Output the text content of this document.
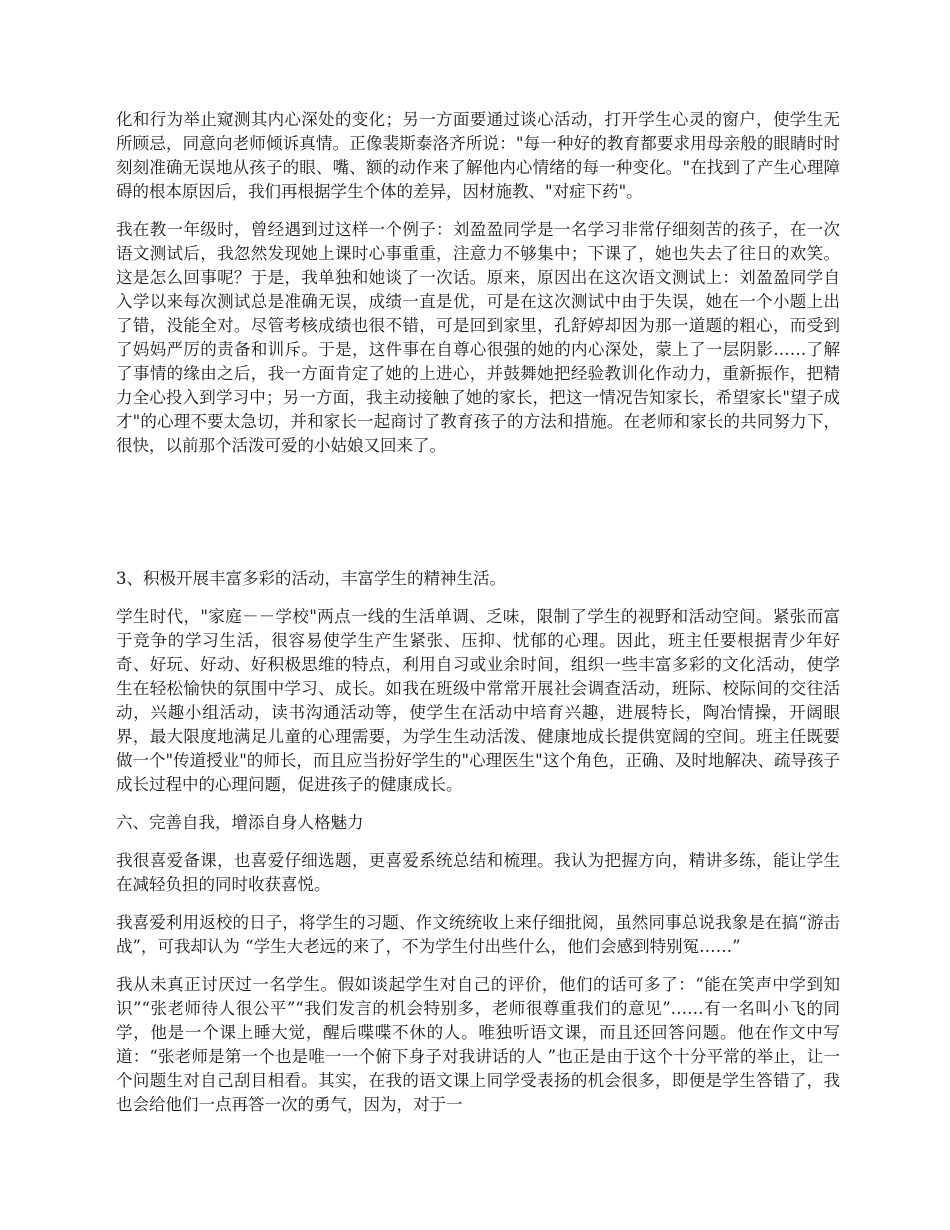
化和行为举止窥测其内心深处的变化；另一方面要通过谈心活动，打开学生心灵的窗户，使学生无所顾忌，同意向老师倾诉真情。正像裴斯泰洛齐所说："每一种好的教育都要求用母亲般的眼睛时时刻刻准确无误地从孩子的眼、嘴、额的动作来了解他内心情绪的每一种变化。"在找到了产生心理障碍的根本原因后，我们再根据学生个体的差异，因材施教、"对症下药"。

我在教一年级时，曾经遇到过这样一个例子：刘盈盈同学是一名学习非常仔细刻苦的孩子，在一次语文测试后，我忽然发现她上课时心事重重，注意力不够集中；下课了，她也失去了往日的欢笑。这是怎么回事呢？于是，我单独和她谈了一次话。原来，原因出在这次语文测试上：刘盈盈同学自入学以来每次测试总是准确无误，成绩一直是优，可是在这次测试中由于失误，她在一个小题上出了错，没能全对。尽管考核成绩也很不错，可是回到家里，孔舒婷却因为那一道题的粗心，而受到了妈妈严厉的责备和训斥。于是，这件事在自尊心很强的她的内心深处，蒙上了一层阴影……了解了事情的缘由之后，我一方面肯定了她的上进心，并鼓舞她把经验教训化作动力，重新振作，把精力全心投入到学习中；另一方面，我主动接触了她的家长，把这一情况告知家长，希望家长"望子成才"的心理不要太急切，并和家长一起商讨了教育孩子的方法和措施。在老师和家长的共同努力下，很快，以前那个活泼可爱的小姑娘又回来了。

3、积极开展丰富多彩的活动，丰富学生的精神生活。

学生时代，"家庭－－学校"两点一线的生活单调、乏味，限制了学生的视野和活动空间。紧张而富于竞争的学习生活，很容易使学生产生紧张、压抑、忧郁的心理。因此，班主任要根据青少年好奇、好玩、好动、好积极思维的特点，利用自习或业余时间，组织一些丰富多彩的文化活动，使学生在轻松愉快的氛围中学习、成长。如我在班级中常常开展社会调查活动，班际、校际间的交往活动，兴趣小组活动，读书沟通活动等，使学生在活动中培育兴趣，进展特长，陶冶情操，开阔眼界，最大限度地满足儿童的心理需要，为学生生动活泼、健康地成长提供宽阔的空间。班主任既要做一个"传道授业"的师长，而且应当扮好学生的"心理医生"这个角色，正确、及时地解决、疏导孩子成长过程中的心理问题，促进孩子的健康成长。

六、完善自我，增添自身人格魅力

我很喜爱备课，也喜爱仔细选题，更喜爱系统总结和梳理。我认为把握方向，精讲多练，能让学生在减轻负担的同时收获喜悦。

我喜爱利用返校的日子，将学生的习题、作文统统收上来仔细批阅，虽然同事总说我象是在搞“游击战”，可我却认为 “学生大老远的来了，不为学生付出些什么，他们会感到特别冤……”

我从未真正讨厌过一名学生。假如谈起学生对自己的评价，他们的话可多了：“能在笑声中学到知识”“张老师待人很公平”“我们发言的机会特别多，老师很尊重我们的意见”……有一名叫小飞的同学，他是一个课上睡大觉，醒后喋喋不休的人。唯独听语文课，而且还回答问题。他在作文中写道：“张老师是第一个也是唯一一个俯下身子对我讲话的人 ”也正是由于这个十分平常的举止，让一个问题生对自己刮目相看。其实，在我的语文课上同学受表扬的机会很多，即便是学生答错了，我也会给他们一点再答一次的勇气，因为，对于一
